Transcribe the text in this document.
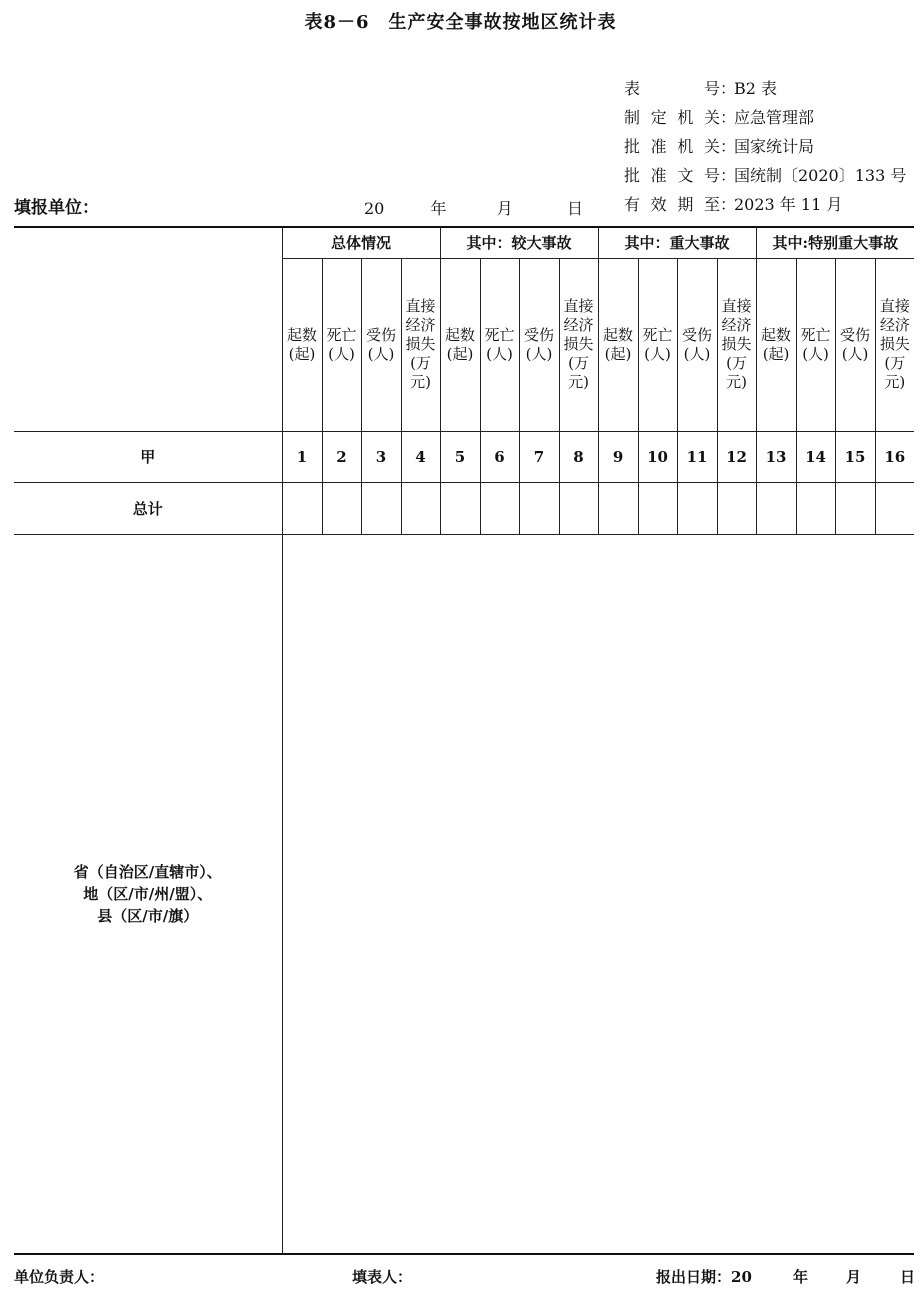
表8－6　生产安全事故按地区统计表
表　　号 ：
B2 表
制定机关 ：
应急管理部
批准机关 ：
国家统计局
批准文号 ：
国统制〔2020〕133 号
有效期至 ：
2023 年 11 月
填报单位：	20	年	月	日
	总体情况				其中：较大事故				其中：重大事故				其中:特别重大事故			

	起数
(起)	死亡
(人)	受伤
(人)	直接
经济
损失
(万
元)	起数
(起)	死亡
(人)	受伤
(人)	直接
经济
损失
(万
元)	起数
(起)	死亡
(人)	受伤
(人)	直接
经济
损失
(万
元)	起数
(起)	死亡
(人)	受伤
(人)	直接
经济
损失
(万
元)

甲	1	2	3	4	5	6	7	8	9	10	11	12	13	14	15	16
总计																

省（自治区/直辖市）、
地（区/市/州/盟）、
县（区/市/旗）																

单位负责人：	填表人：	报出日期：20	年	月	日
